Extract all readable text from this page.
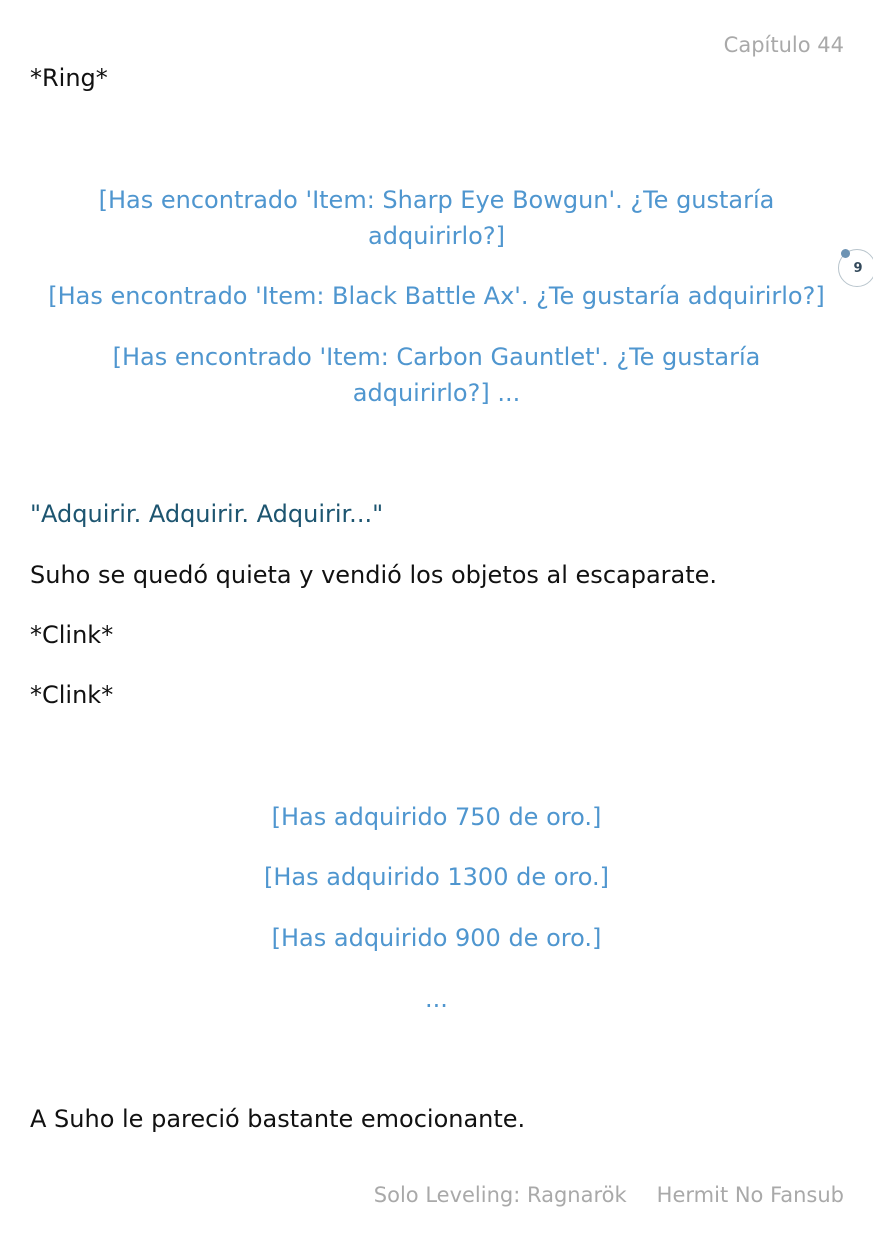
Capítulo 44
9
*Ring*
[Has encontrado 'Item: Sharp Eye Bowgun'. ¿Te gustaría adquirirlo?]
[Has encontrado 'Item: Black Battle Ax'. ¿Te gustaría adquirirlo?]
[Has encontrado 'Item: Carbon Gauntlet'. ¿Te gustaría adquirirlo?] ...
"Adquirir. Adquirir. Adquirir..."
Suho se quedó quieta y vendió los objetos al escaparate.
*Clink*
*Clink*
[Has adquirido 750 de oro.]
[Has adquirido 1300 de oro.]
[Has adquirido 900 de oro.]
...
A Suho le pareció bastante emocionante.
Solo Leveling: Ragnarök Hermit No Fansub
